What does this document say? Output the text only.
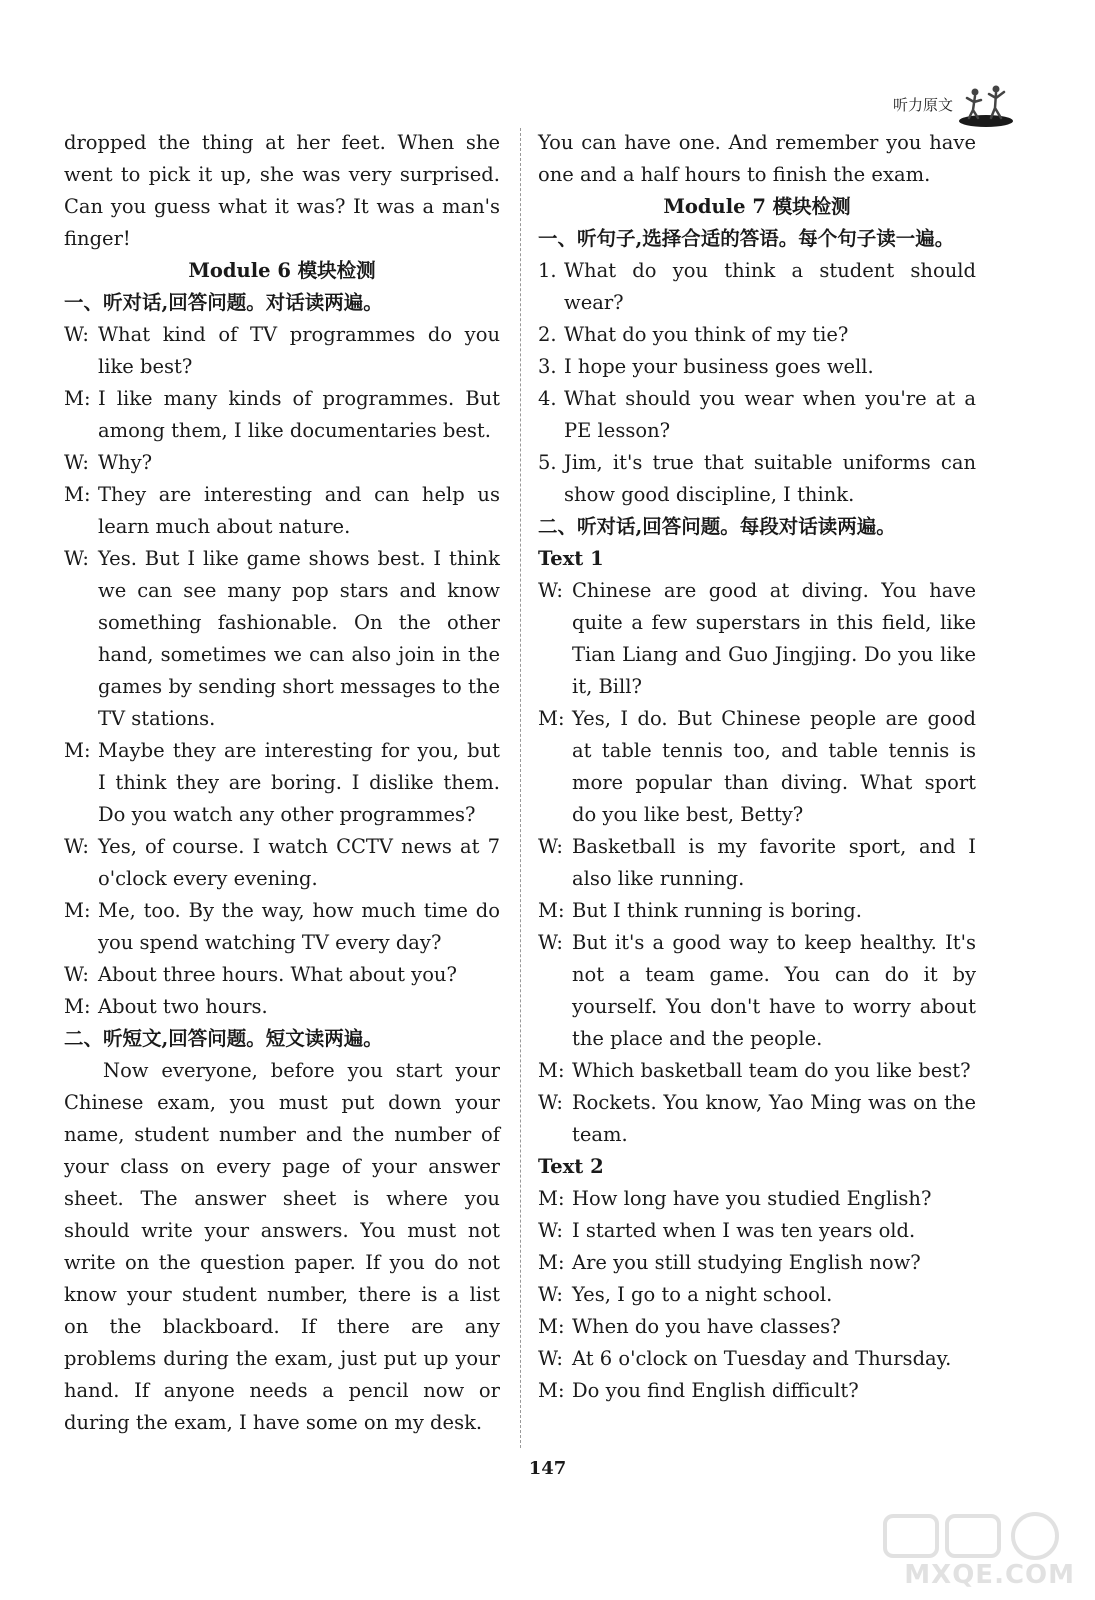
听力原文

dropped the thing at her feet. When she went to pick it up, she was very surprised. Can you guess what it was? It was a man's finger!

Module 6 模块检测

一、听对话,回答问题。对话读两遍。

W: What kind of TV programmes do you like best?
M: I like many kinds of programmes. But among them, I like documentaries best.
W: Why?
M: They are interesting and can help us learn much about nature.
W: Yes. But I like game shows best. I think we can see many pop stars and know something fashionable. On the other hand, sometimes we can also join in the games by sending short messages to the TV stations.
M: Maybe they are interesting for you, but I think they are boring. I dislike them. Do you watch any other programmes?
W: Yes, of course. I watch CCTV news at 7 o'clock every evening.
M: Me, too. By the way, how much time do you spend watching TV every day?
W: About three hours. What about you?
M: About two hours.

二、听短文,回答问题。短文读两遍。

Now everyone, before you start your Chinese exam, you must put down your name, student number and the number of your class on every page of your answer sheet. The answer sheet is where you should write your answers. You must not write on the question paper. If you do not know your student number, there is a list on the blackboard. If there are any problems during the exam, just put up your hand. If anyone needs a pencil now or during the exam, I have some on my desk.

You can have one. And remember you have one and a half hours to finish the exam.

Module 7 模块检测

一、听句子,选择合适的答语。每个句子读一遍。

1. What do you think a student should wear?
2. What do you think of my tie?
3. I hope your business goes well.
4. What should you wear when you're at a PE lesson?
5. Jim, it's true that suitable uniforms can show good discipline, I think.

二、听对话,回答问题。每段对话读两遍。

Text 1

W: Chinese are good at diving. You have quite a few superstars in this field, like Tian Liang and Guo Jingjing. Do you like it, Bill?
M: Yes, I do. But Chinese people are good at table tennis too, and table tennis is more popular than diving. What sport do you like best, Betty?
W: Basketball is my favorite sport, and I also like running.
M: But I think running is boring.
W: But it's a good way to keep healthy. It's not a team game. You can do it by yourself. You don't have to worry about the place and the people.
M: Which basketball team do you like best?
W: Rockets. You know, Yao Ming was on the team.

Text 2

M: How long have you studied English?
W: I started when I was ten years old.
M: Are you still studying English now?
W: Yes, I go to a night school.
M: When do you have classes?
W: At 6 o'clock on Tuesday and Thursday.
M: Do you find English difficult?
147
MXQE.COM
